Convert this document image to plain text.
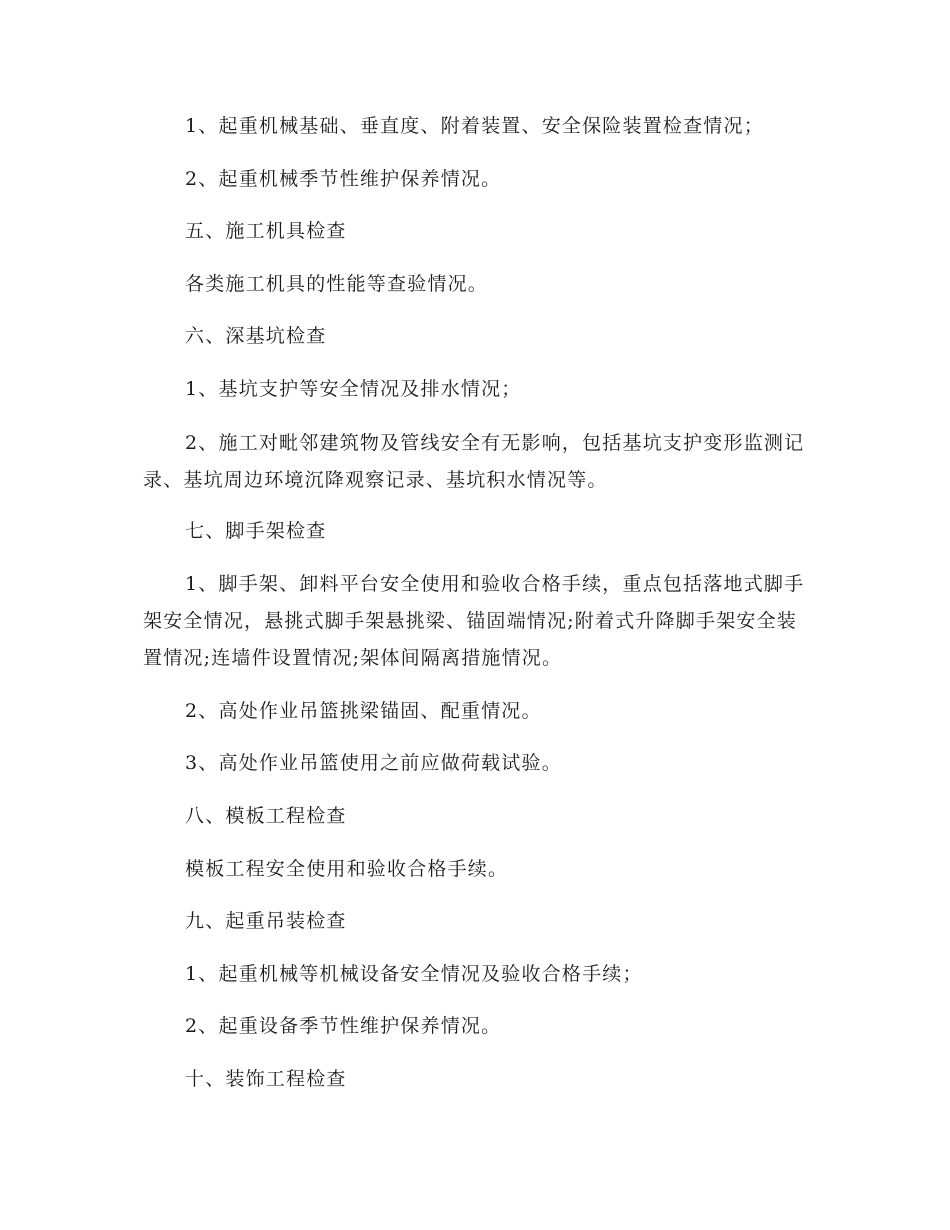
1、起重机械基础、垂直度、附着装置、安全保险装置检查情况；

2、起重机械季节性维护保养情况。

五、施工机具检查

各类施工机具的性能等查验情况。

六、深基坑检查

1、基坑支护等安全情况及排水情况；

2、施工对毗邻建筑物及管线安全有无影响，包括基坑支护变形监测记录、基坑周边环境沉降观察记录、基坑积水情况等。

七、脚手架检查

1、脚手架、卸料平台安全使用和验收合格手续，重点包括落地式脚手架安全情况，悬挑式脚手架悬挑梁、锚固端情况;附着式升降脚手架安全装置情况;连墙件设置情况;架体间隔离措施情况。

2、高处作业吊篮挑梁锚固、配重情况。

3、高处作业吊篮使用之前应做荷载试验。

八、模板工程检查

模板工程安全使用和验收合格手续。

九、起重吊装检查

1、起重机械等机械设备安全情况及验收合格手续；

2、起重设备季节性维护保养情况。

十、装饰工程检查
